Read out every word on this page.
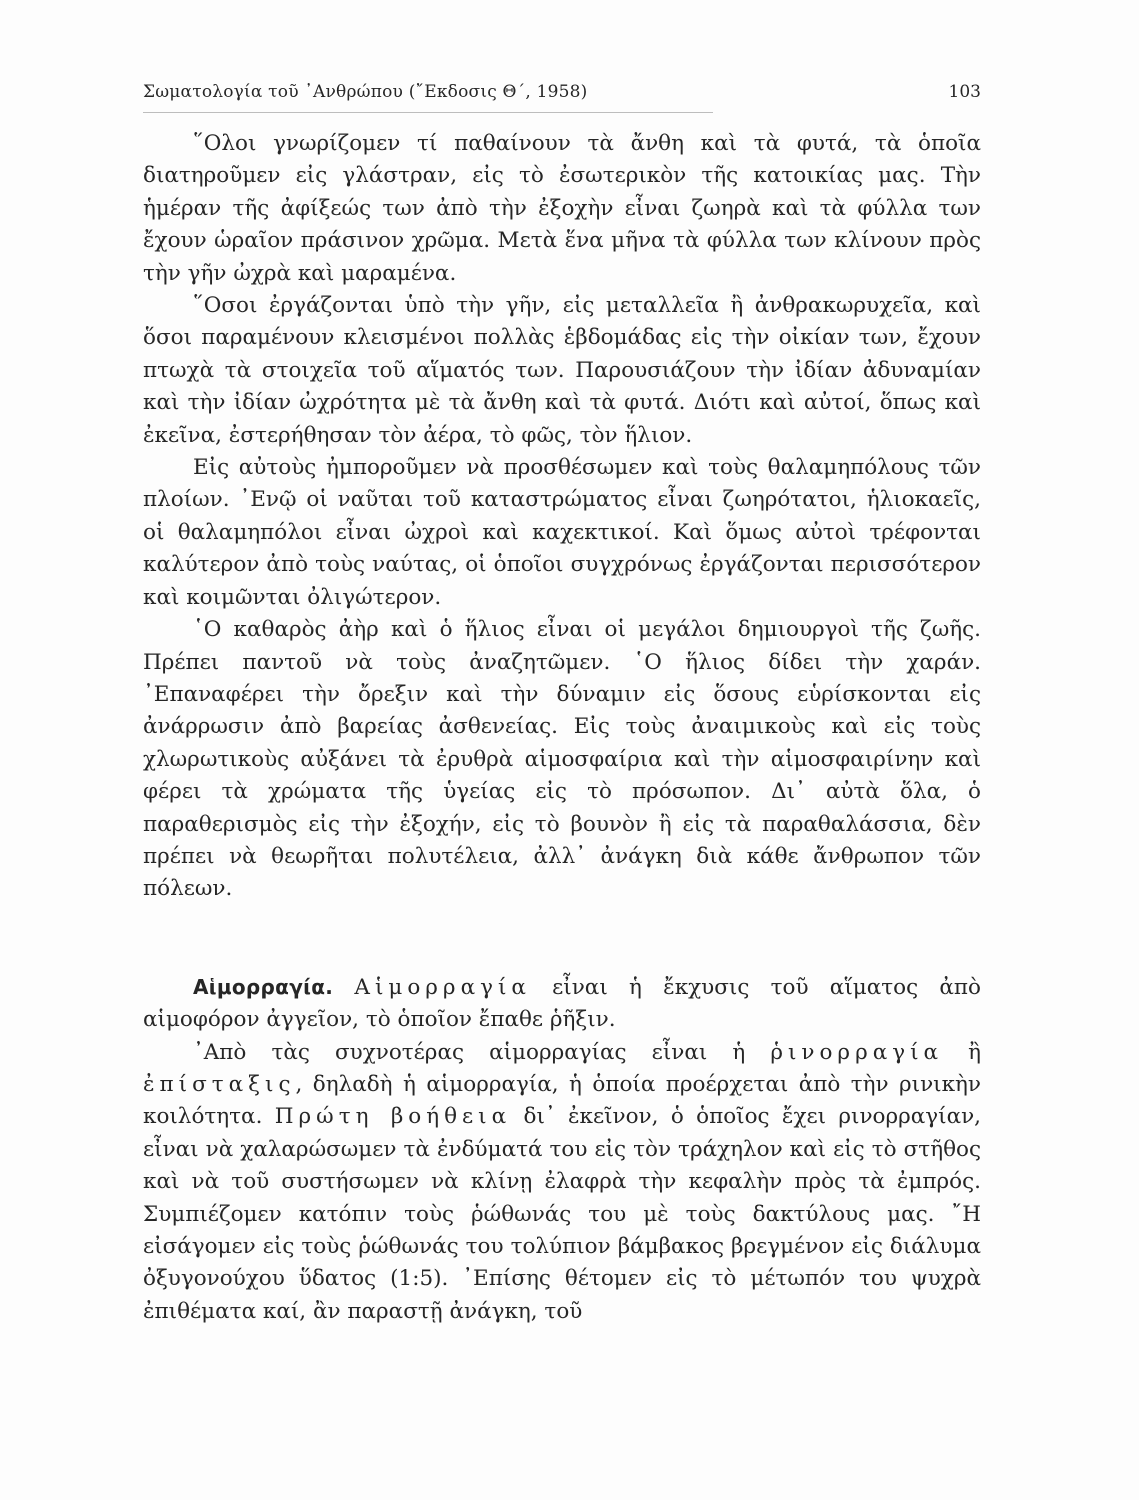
Σωματολογία τοῦ ᾿Ανθρώπου (῎Εκδοσις Θ΄, 1958)	103

῞Ολοι γνωρίζομεν τί παθαίνουν τὰ ἄνθη καὶ τὰ φυτά, τὰ ὁποῖα διατηροῦμεν εἰς γλάστραν, εἰς τὸ ἐσωτερικὸν τῆς κατοικίας μας. Τὴν ἡμέραν τῆς ἀφίξεώς των ἀπὸ τὴν ἐξοχὴν εἶναι ζωηρὰ καὶ τὰ φύλλα των ἔχουν ὡραῖον πράσινον χρῶμα. Μετὰ ἕνα μῆνα τὰ φύλλα των κλίνουν πρὸς τὴν γῆν ὠχρὰ καὶ μαραμένα.

῞Οσοι ἐργάζονται ὑπὸ τὴν γῆν, εἰς μεταλλεῖα ἢ ἀνθρακωρυχεῖα, καὶ ὅσοι παραμένουν κλεισμένοι πολλὰς ἑβδομάδας εἰς τὴν οἰκίαν των, ἔχουν πτωχὰ τὰ στοιχεῖα τοῦ αἵματός των. Παρουσιάζουν τὴν ἰδίαν ἀδυναμίαν καὶ τὴν ἰδίαν ὠχρότητα μὲ τὰ ἄνθη καὶ τὰ φυτά. Διότι καὶ αὐτοί, ὅπως καὶ ἐκεῖνα, ἐστερήθησαν τὸν ἀέρα, τὸ φῶς, τὸν ἥλιον.

Εἰς αὐτοὺς ἠμποροῦμεν νὰ προσθέσωμεν καὶ τοὺς θαλαμηπόλους τῶν πλοίων. ᾿Ενῷ οἱ ναῦται τοῦ καταστρώματος εἶναι ζωηρότατοι, ἡλιοκαεῖς, οἱ θαλαμηπόλοι εἶναι ὠχροὶ καὶ καχεκτικοί. Καὶ ὅμως αὐτοὶ τρέφονται καλύτερον ἀπὸ τοὺς ναύτας, οἱ ὁποῖοι συγχρόνως ἐργάζονται περισσότερον καὶ κοιμῶνται ὀλιγώτερον.

῾Ο καθαρὸς ἀὴρ καὶ ὁ ἥλιος εἶναι οἱ μεγάλοι δημιουργοὶ τῆς ζωῆς. Πρέπει παντοῦ νὰ τοὺς ἀναζητῶμεν. ῾Ο ἥλιος δίδει τὴν χαράν. ᾿Επαναφέρει τὴν ὄρεξιν καὶ τὴν δύναμιν εἰς ὅσους εὑρίσκονται εἰς ἀνάρρωσιν ἀπὸ βαρείας ἀσθενείας. Εἰς τοὺς ἀναιμικοὺς καὶ εἰς τοὺς χλωρωτικοὺς αὐξάνει τὰ ἐρυθρὰ αἱμοσφαίρια καὶ τὴν αἱμοσφαιρίνην καὶ φέρει τὰ χρώματα τῆς ὑγείας εἰς τὸ πρόσωπον. Δι᾿ αὐτὰ ὅλα, ὁ παραθερισμὸς εἰς τὴν ἐξοχήν, εἰς τὸ βουνὸν ἢ εἰς τὰ παραθαλάσσια, δὲν πρέπει νὰ θεωρῆται πολυτέλεια, ἀλλ᾿ ἀνάγκη διὰ κάθε ἄνθρωπον τῶν πόλεων.

Αἱμορραγία. Αἱμορραγία εἶναι ἡ ἔκχυσις τοῦ αἵματος ἀπὸ αἱμοφόρον ἀγγεῖον, τὸ ὁποῖον ἔπαθε ῥῆξιν.

᾿Απὸ τὰς συχνοτέρας αἱμορραγίας εἶναι ἡ ῥινορραγία ἢ ἐπίσταξις, δηλαδὴ ἡ αἱμορραγία, ἡ ὁποία προέρχεται ἀπὸ τὴν ρινικὴν κοιλότητα. Πρώτη βοήθεια δι᾿ ἐκεῖνον, ὁ ὁποῖος ἔχει ρινορραγίαν, εἶναι νὰ χαλαρώσωμεν τὰ ἐνδύματά του εἰς τὸν τράχηλον καὶ εἰς τὸ στῆθος καὶ νὰ τοῦ συστήσωμεν νὰ κλίνῃ ἐλαφρὰ τὴν κεφαλὴν πρὸς τὰ ἐμπρός. Συμπιέζομεν κατόπιν τοὺς ῥώθωνάς του μὲ τοὺς δακτύλους μας. ῎Η εἰσάγομεν εἰς τοὺς ῥώθωνάς του τολύπιον βάμβακος βρεγμένον εἰς διάλυμα ὀξυγονούχου ὕδατος (1:5). ᾿Επίσης θέτομεν εἰς τὸ μέτωπόν του ψυχρὰ ἐπιθέματα καί, ἂν παραστῇ ἀνάγκη, τοῦ
